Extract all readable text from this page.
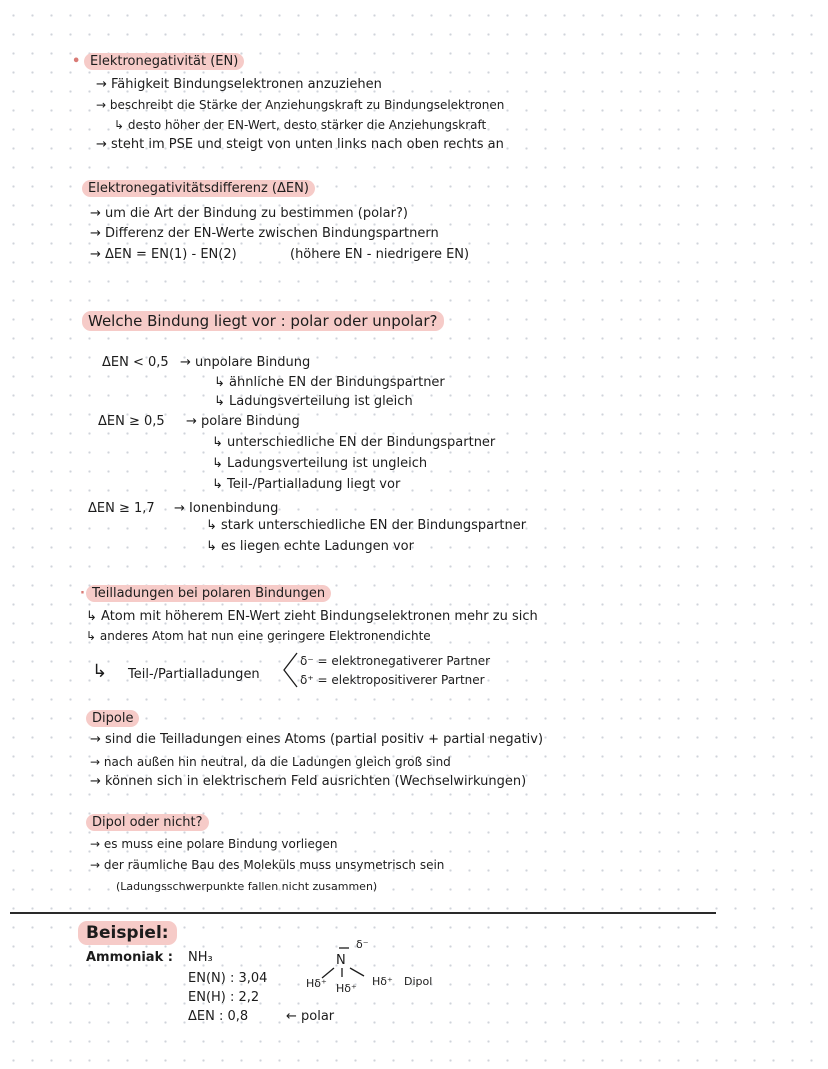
• Elektronegativität (EN)
→ Fähigkeit Bindungselektronen anzuziehen
→ beschreibt die Stärke der Anziehungskraft zu Bindungselektronen
↳ desto höher der EN-Wert, desto stärker die Anziehungskraft
→ steht im PSE und steigt von unten links nach oben rechts an
Elektronegativitätsdifferenz (ΔEN)
→ um die Art der Bindung zu bestimmen (polar?)
→ Differenz der EN-Werte zwischen Bindungspartnern
→ ΔEN = EN(1) - EN(2)	(höhere EN - niedrigere EN)
Welche Bindung liegt vor : polar oder unpolar?
ΔEN < 0,5 → unpolare Bindung
↳ ähnliche EN der Bindungspartner
↳ Ladungsverteilung ist gleich
ΔEN ≥ 0,5 → polare Bindung
↳ unterschiedliche EN der Bindungspartner
↳ Ladungsverteilung ist ungleich
↳ Teil-/Partialladung liegt vor
ΔEN ≥ 1,7 → Ionenbindung
↳ stark unterschiedliche EN der Bindungspartner
↳ es liegen echte Ladungen vor
· Teilladungen bei polaren Bindungen
↳ Atom mit höherem EN-Wert zieht Bindungselektronen mehr zu sich
↳ anderes Atom hat nun eine geringere Elektronendichte
↳ Teil-/Partialladungen
δ⁻ = elektronegativerer Partner
δ⁺ = elektropositiverer Partner
Dipole
→ sind die Teilladungen eines Atoms (partial positiv + partial negativ)
→ nach außen hin neutral, da die Ladungen gleich groß sind
→ können sich in elektrischem Feld ausrichten (Wechselwirkungen)
Dipol oder nicht?
→ es muss eine polare Bindung vorliegen
→ der räumliche Bau des Moleküls muss unsymetrisch sein
(Ladungsschwerpunkte fallen nicht zusammen)
Beispiel:
Ammoniak : NH₃
EN(N) : 3,04
EN(H) : 2,2
ΔEN : 0,8	← polar
δ⁻
N
Hδ⁺ Hδ⁺
Hδ⁺ Dipol
